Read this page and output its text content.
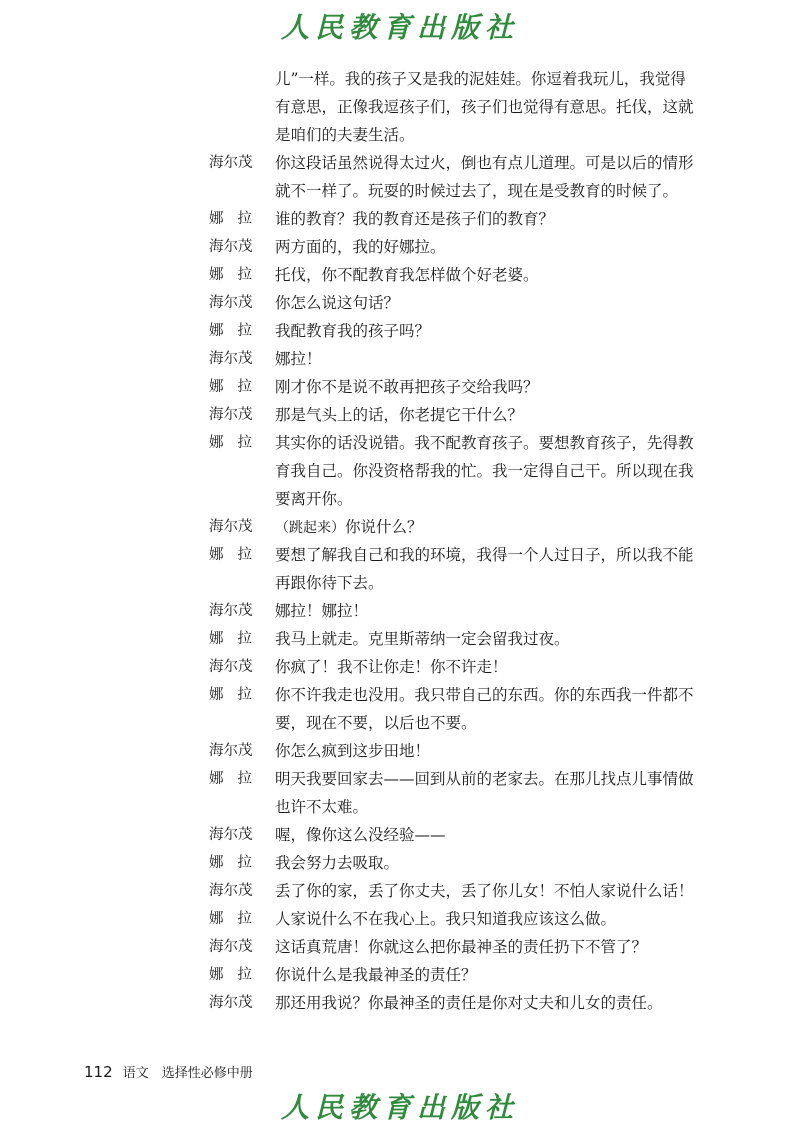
人民教育出版社
儿”一样。我的孩子又是我的泥娃娃。你逗着我玩儿，我觉得
有意思，正像我逗孩子们，孩子们也觉得有意思。托伐，这就
是咱们的夫妻生活。
海尔茂	你这段话虽然说得太过火，倒也有点儿道理。可是以后的情形
就不一样了。玩耍的时候过去了，现在是受教育的时候了。
娜拉 谁的教育？我的教育还是孩子们的教育？
海尔茂	两方面的，我的好娜拉。
娜拉 托伐，你不配教育我怎样做个好老婆。
海尔茂	你怎么说这句话？
娜拉 我配教育我的孩子吗？
海尔茂	娜拉！
娜拉 刚才你不是说不敢再把孩子交给我吗？
海尔茂	那是气头上的话，你老提它干什么？
娜拉 其实你的话没说错。我不配教育孩子。要想教育孩子，先得教
育我自己。你没资格帮我的忙。我一定得自己干。所以现在我
要离开你。
海尔茂	（跳起来）你说什么？
娜拉 要想了解我自己和我的环境，我得一个人过日子，所以我不能
再跟你待下去。
海尔茂	娜拉！娜拉！
娜拉 我马上就走。克里斯蒂纳一定会留我过夜。
海尔茂	你疯了！我不让你走！你不许走！
娜拉 你不许我走也没用。我只带自己的东西。你的东西我一件都不
要，现在不要，以后也不要。
海尔茂	你怎么疯到这步田地！
娜拉 明天我要回家去——回到从前的老家去。在那儿找点儿事情做
也许不太难。
海尔茂	喔，像你这么没经验——
娜拉 我会努力去吸取。
海尔茂	丢了你的家，丢了你丈夫，丢了你儿女！不怕人家说什么话！
娜拉 人家说什么不在我心上。我只知道我应该这么做。
海尔茂	这话真荒唐！你就这么把你最神圣的责任扔下不管了？
娜拉 你说什么是我最神圣的责任？
海尔茂	那还用我说？你最神圣的责任是你对丈夫和儿女的责任。
112 语文　选择性必修中册
人民教育出版社
